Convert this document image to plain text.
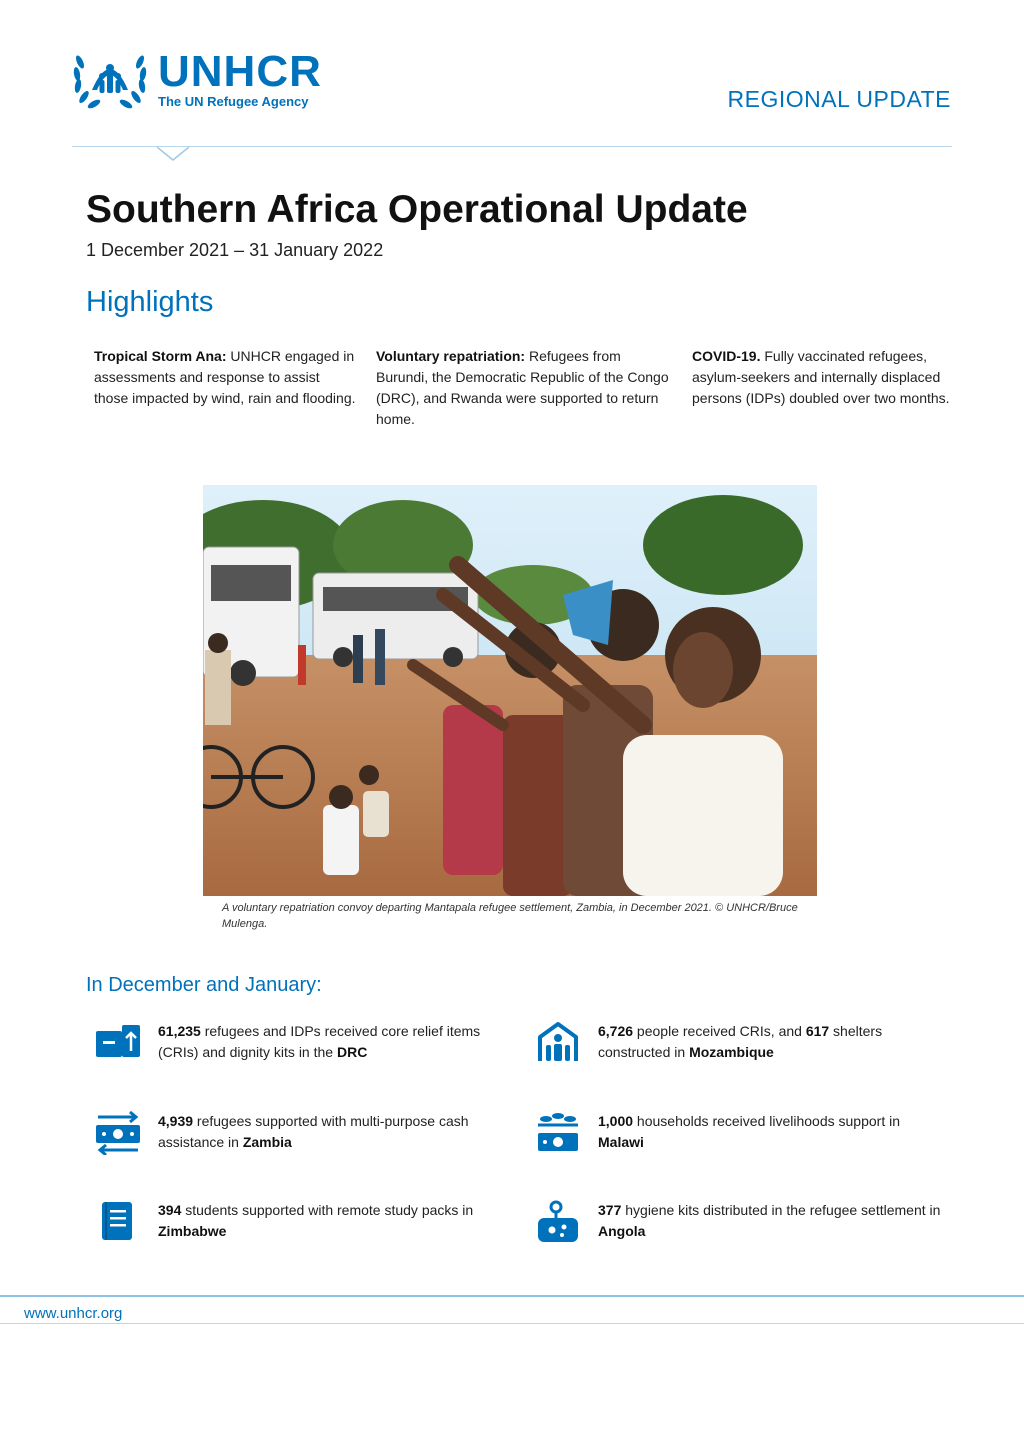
UNHCR
The UN Refugee Agency	REGIONAL UPDATE
Southern Africa Operational Update
1 December 2021 – 31 January 2022
Highlights
Tropical Storm Ana: UNHCR engaged in assessments and response to assist those impacted by wind, rain and flooding.
Voluntary repatriation: Refugees from Burundi, the Democratic Republic of the Congo (DRC), and Rwanda were supported to return home.
COVID-19. Fully vaccinated refugees, asylum-seekers and internally displaced persons (IDPs) doubled over two months.
A voluntary repatriation convoy departing Mantapala refugee settlement, Zambia, in December 2021. © UNHCR/Bruce Mulenga.
In December and January:
61,235 refugees and IDPs received core relief items (CRIs) and dignity kits in the DRC
6,726 people received CRIs, and 617 shelters constructed in Mozambique
4,939 refugees supported with multi-purpose cash assistance in Zambia
1,000 households received livelihoods support in Malawi
394 students supported with remote study packs in Zimbabwe
377 hygiene kits distributed in the refugee settlement in Angola
www.unhcr.org
